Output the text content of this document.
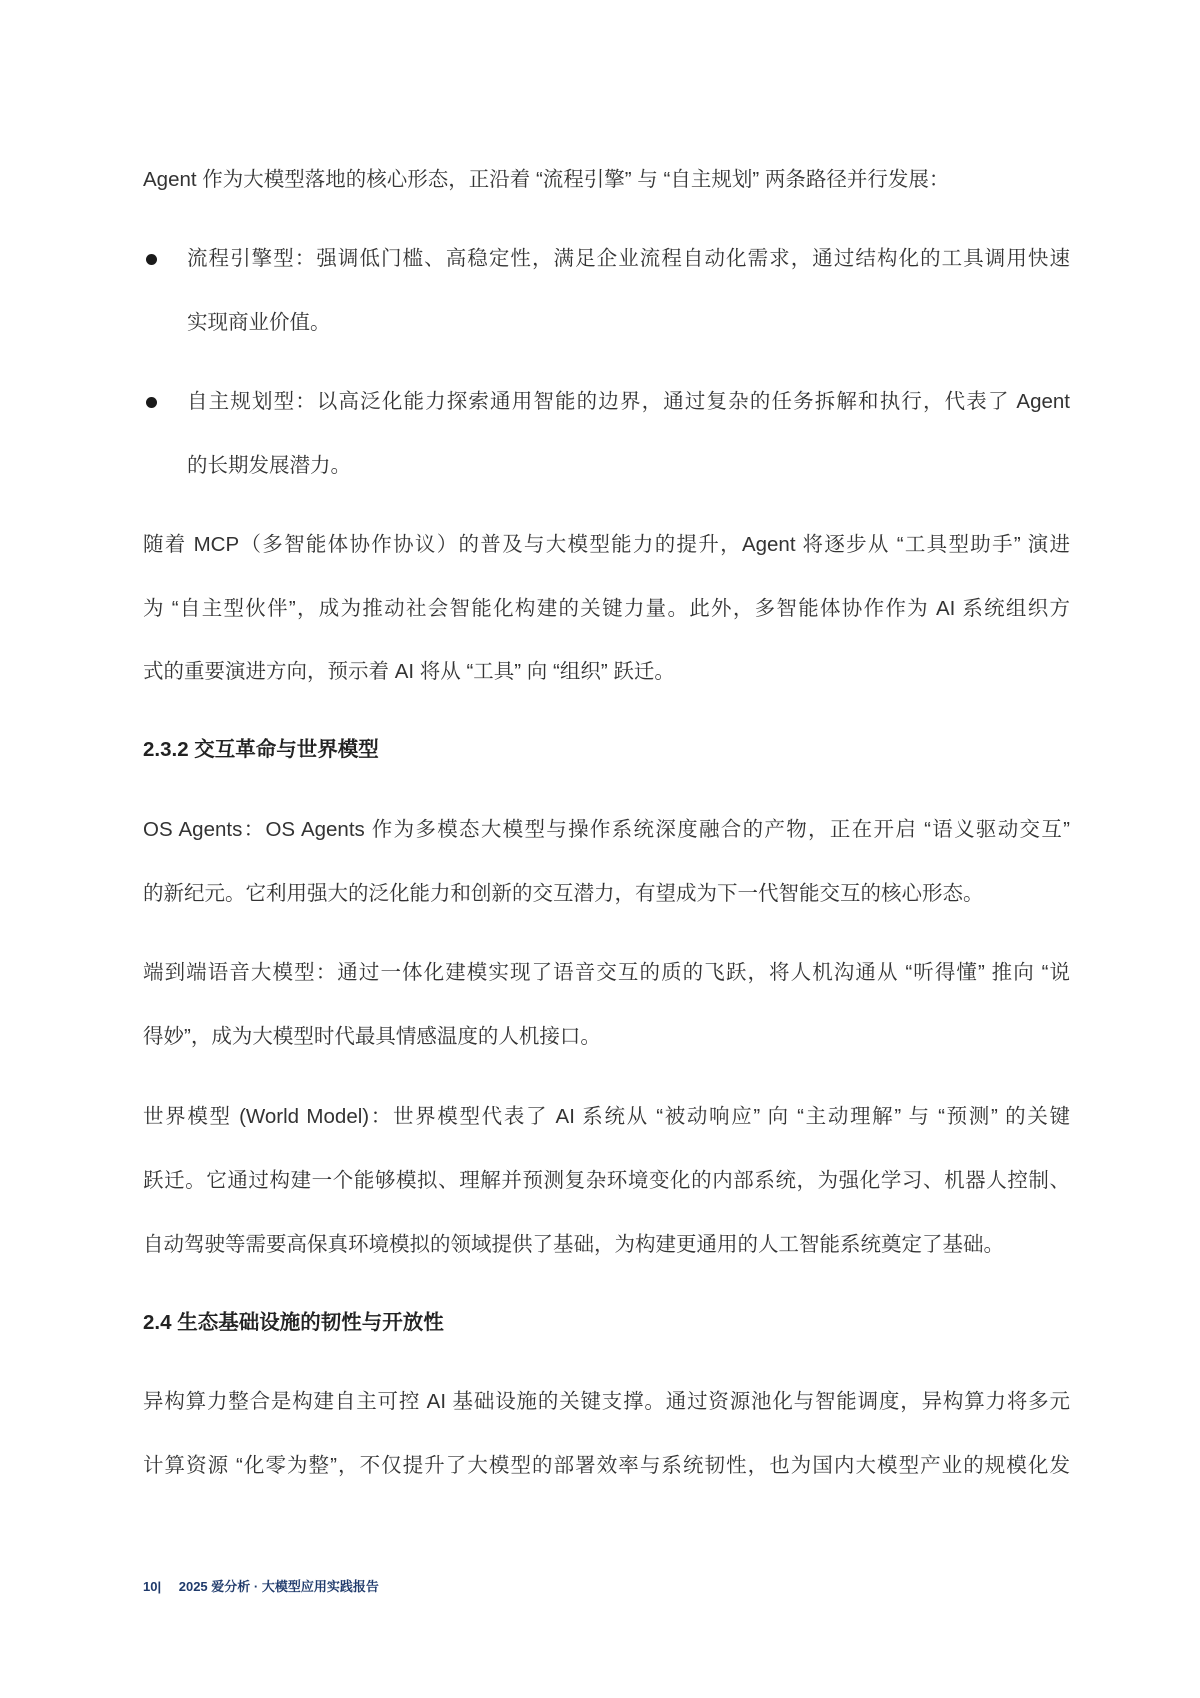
Agent 作为大模型落地的核心形态，正沿着 “流程引擎” 与 “自主规划” 两条路径并行发展：
流程引擎型：强调低门槛、高稳定性，满足企业流程自动化需求，通过结构化的工具调用快速
实现商业价值。
自主规划型：以高泛化能力探索通用智能的边界，通过复杂的任务拆解和执行，代表了 Agent
的长期发展潜力。
随着 MCP（多智能体协作协议）的普及与大模型能力的提升，Agent 将逐步从 “工具型助手” 演进
为 “自主型伙伴”，成为推动社会智能化构建的关键力量。此外，多智能体协作作为 AI 系统组织方
式的重要演进方向，预示着 AI 将从 “工具” 向 “组织” 跃迁。
2.3.2 交互革命与世界模型
OS Agents：OS Agents 作为多模态大模型与操作系统深度融合的产物，正在开启 “语义驱动交互”
的新纪元。它利用强大的泛化能力和创新的交互潜力，有望成为下一代智能交互的核心形态。
端到端语音大模型：通过一体化建模实现了语音交互的质的飞跃，将人机沟通从 “听得懂” 推向 “说
得妙”，成为大模型时代最具情感温度的人机接口。
世界模型 (World Model)：世界模型代表了 AI 系统从 “被动响应” 向 “主动理解” 与 “预测” 的关键
跃迁。它通过构建一个能够模拟、理解并预测复杂环境变化的内部系统，为强化学习、机器人控制、
自动驾驶等需要高保真环境模拟的领域提供了基础，为构建更通用的人工智能系统奠定了基础。
2.4 生态基础设施的韧性与开放性
异构算力整合是构建自主可控 AI 基础设施的关键支撑。通过资源池化与智能调度，异构算力将多元
计算资源 “化零为整”，不仅提升了大模型的部署效率与系统韧性，也为国内大模型产业的规模化发
10| 2025 爱分析 · 大模型应用实践报告
